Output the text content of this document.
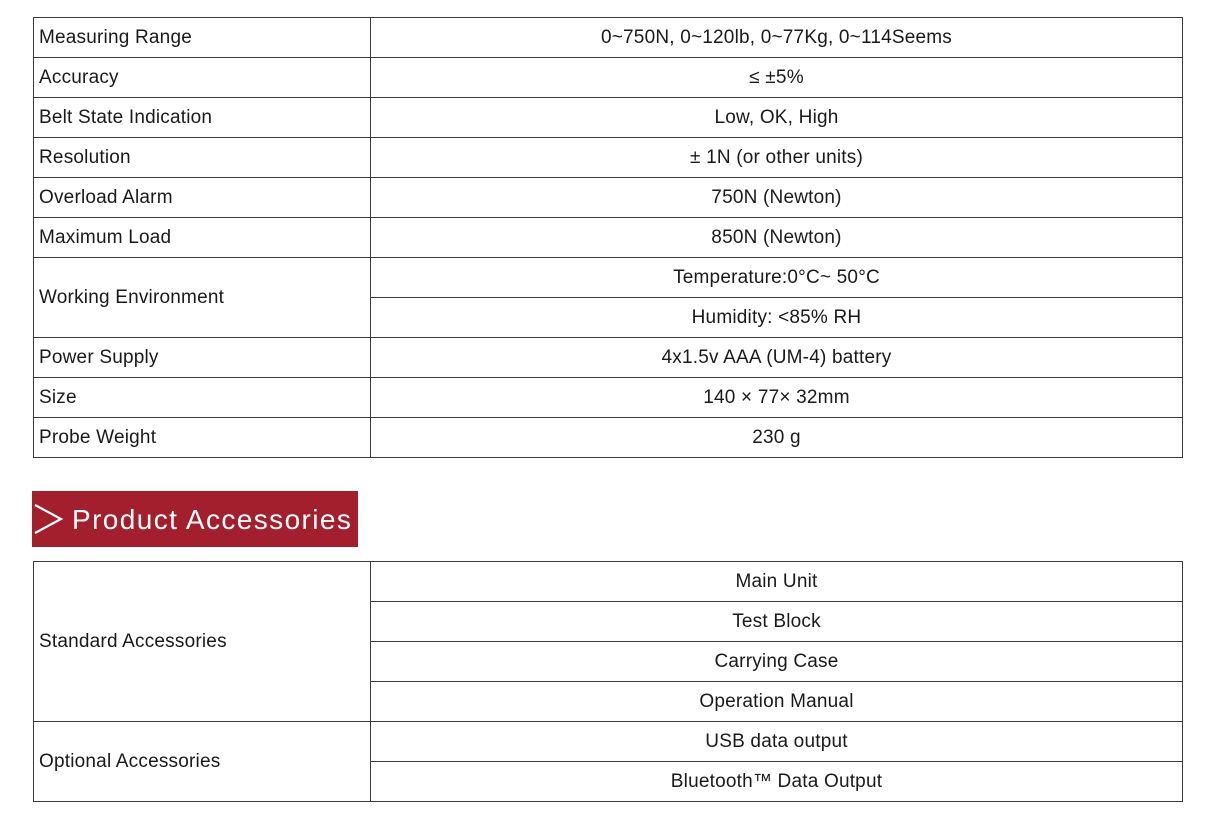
Measuring Range	0~750N, 0~120lb, 0~77Kg, 0~114Seems
Accuracy	≤ ±5%
Belt State Indication	Low, OK, High
Resolution	± 1N (or other units)
Overload Alarm	750N (Newton)
Maximum Load	850N (Newton)
Working Environment	Temperature:0°C~ 50°C
	Humidity: <85% RH
Power Supply	4x1.5v AAA (UM-4) battery
Size	140 × 77× 32mm
Probe Weight	230 g
Product Accessories
Standard Accessories	Main Unit
	Test Block
	Carrying Case
	Operation Manual
Optional Accessories	USB data output
	Bluetooth™ Data Output
